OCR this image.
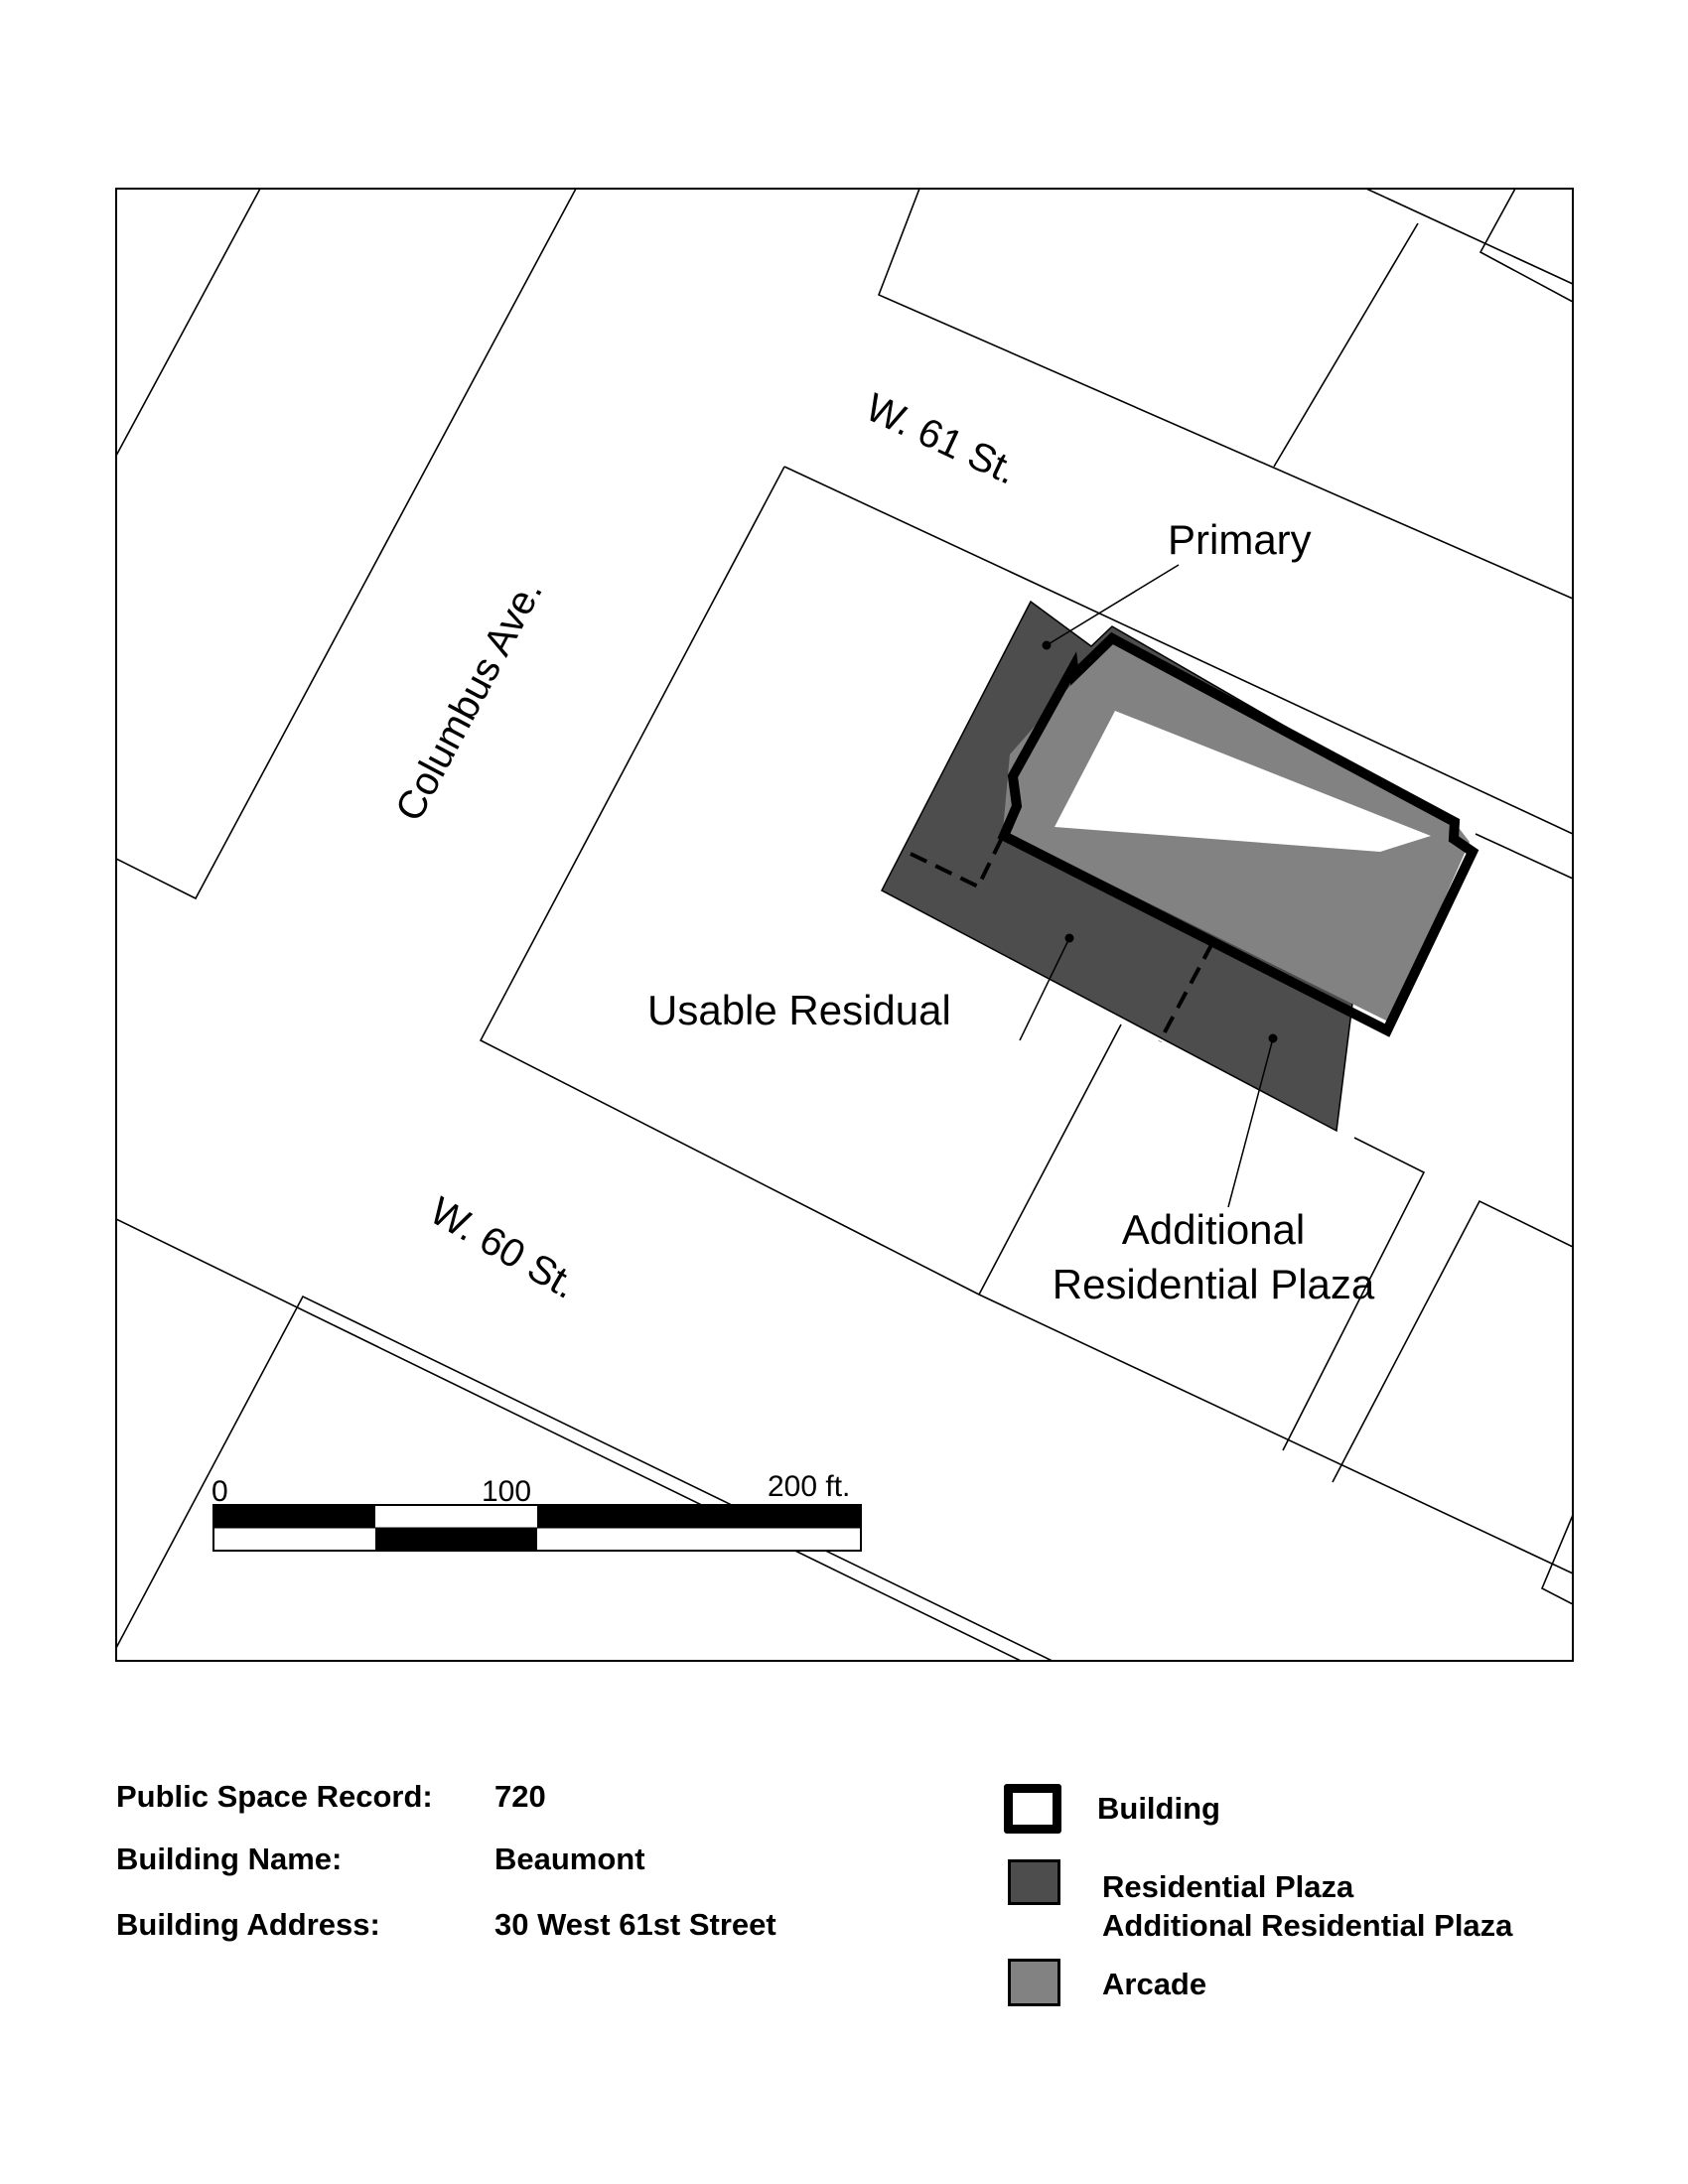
W. 61 St.
W. 60 St.
Columbus Ave.
Primary
Usable Residual
Additional
Residential Plaza
0	100	200 ft.
Public Space Record: 720
Building Name:	Beaumont
Building Address:	30 West 61st Street
Building
Residential Plaza
Additional Residential Plaza
Arcade
